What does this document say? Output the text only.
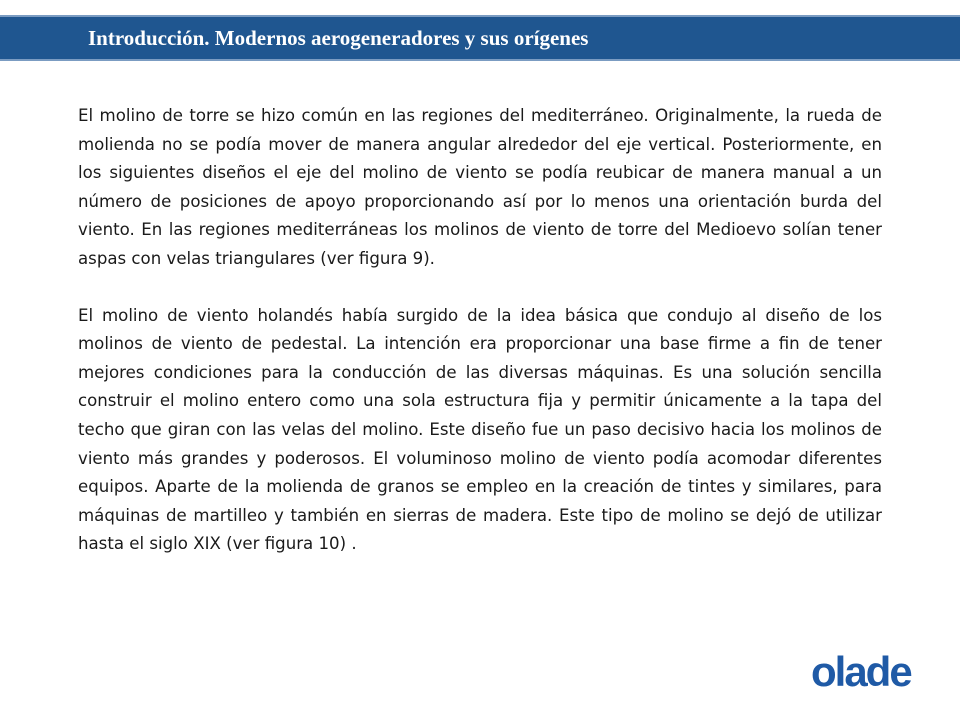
Introducción. Modernos aerogeneradores y sus orígenes

El molino de torre se hizo común en las regiones del mediterráneo. Originalmente, la rueda de molienda no se podía mover de manera angular alrededor del eje vertical. Posteriormente, en los siguientes diseños el eje del molino de viento se podía reubicar de manera manual a un número de posiciones de apoyo proporcionando así por lo menos una orientación burda del viento. En las regiones mediterráneas los molinos de viento de torre del Medioevo solían tener aspas con velas triangulares (ver figura 9).

El molino de viento holandés había surgido de la idea básica que condujo al diseño de los molinos de viento de pedestal. La intención era proporcionar una base firme a fin de tener mejores condiciones para la conducción de las diversas máquinas. Es una solución sencilla construir el molino entero como una sola estructura fija y permitir únicamente a la tapa del techo que giran con las velas del molino. Este diseño fue un paso decisivo hacia los molinos de viento más grandes y poderosos. El voluminoso molino de viento podía acomodar diferentes equipos. Aparte de la molienda de granos se empleo en la creación de tintes y similares, para máquinas de martilleo y también en sierras de madera. Este tipo de molino se dejó de utilizar hasta el siglo XIX (ver figura 10) .

olade
